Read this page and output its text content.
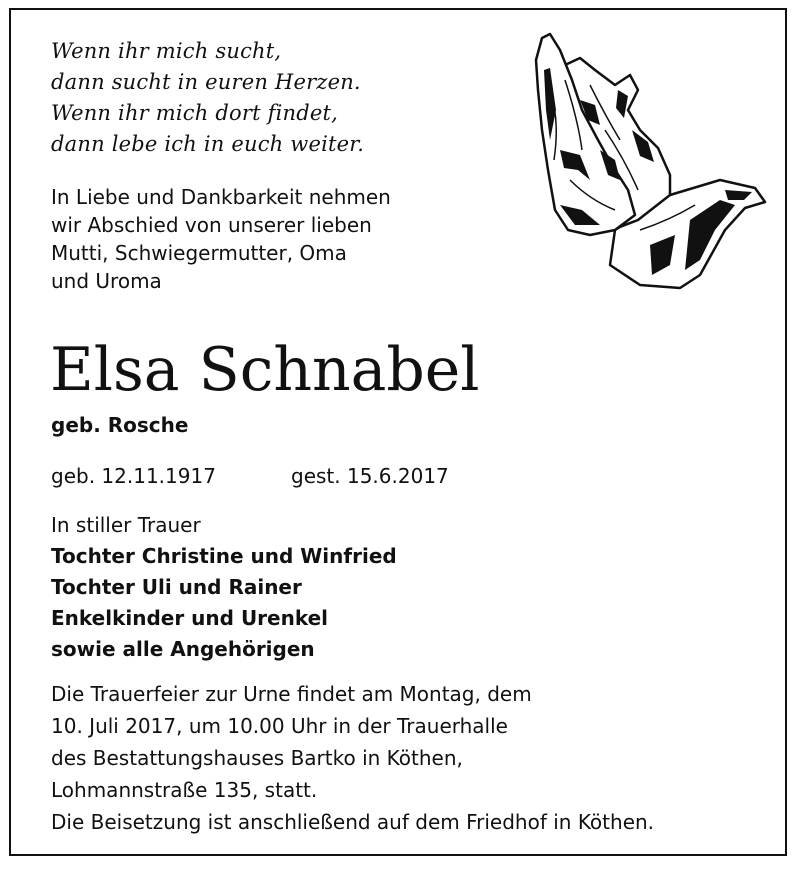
Wenn ihr mich sucht,
dann sucht in euren Herzen.
Wenn ihr mich dort findet,
dann lebe ich in euch weiter.

In Liebe und Dankbarkeit nehmen
wir Abschied von unserer lieben
Mutti, Schwiegermutter, Oma
und Uroma

Elsa Schnabel
geb. Rosche
geb. 12.11.1917	gest. 15.6.2017

In stiller Trauer
Tochter Christine und Winfried
Tochter Uli und Rainer
Enkelkinder und Urenkel
sowie alle Angehörigen

Die Trauerfeier zur Urne findet am Montag, dem
10. Juli 2017, um 10.00 Uhr in der Trauerhalle
des Bestattungshauses Bartko in Köthen,
Lohmannstraße 135, statt.
Die Beisetzung ist anschließend auf dem Friedhof in Köthen.
